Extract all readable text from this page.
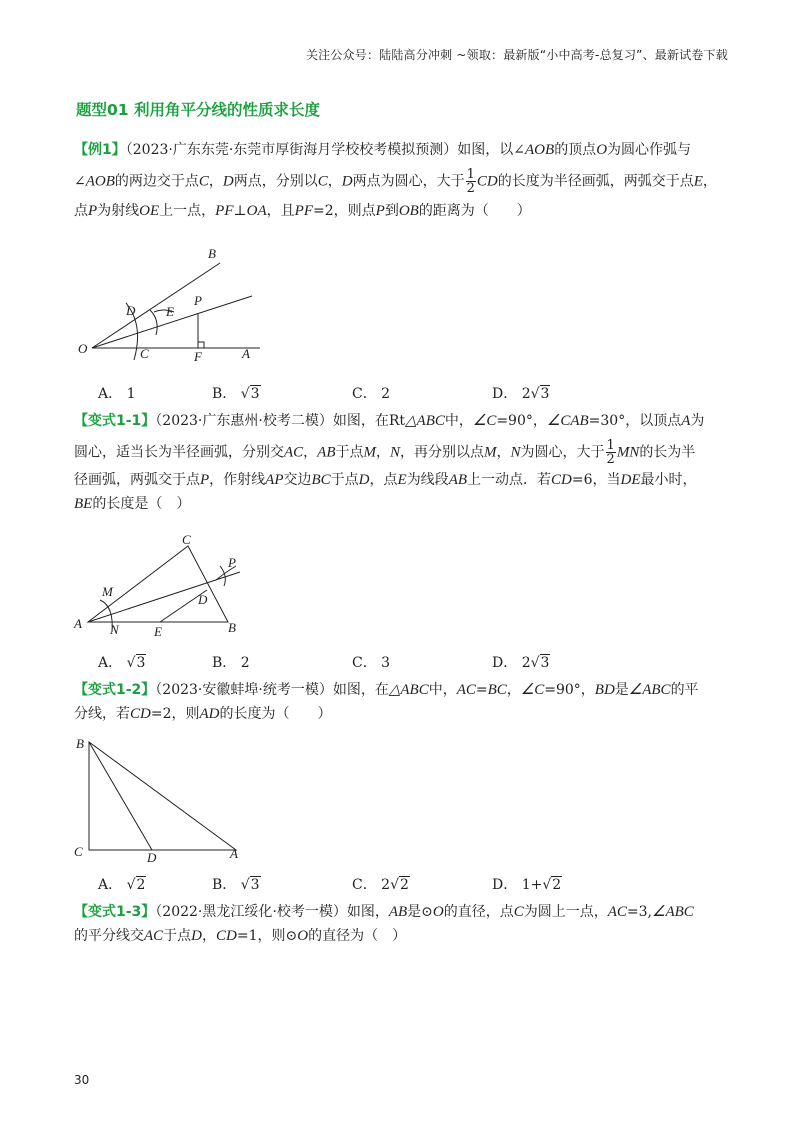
关注公众号：陆陆高分冲刺 ~领取：最新版“小中高考-总复习”、最新试卷下载
题型01 利用角平分线的性质求长度
【例1】（2023·广东东莞·东莞市厚街海月学校校考模拟预测）如图，以∠AOB的顶点O为圆心作弧与
∠AOB的两边交于点C，D两点，分别以C，D两点为圆心，大于 $\frac{1}{2}$ CD的长度为半径画弧，两弧交于点E，
点P为射线OE上一点，PF⊥OA，且PF=2，则点P到OB的距离为（　　）
B
D E
P
O	C	F	A
A． 1	B． √3	C． 2	D． 2√3
【变式1-1】（2023·广东惠州·校考二模）如图，在Rt△ABC中，∠C=90°，∠CAB=30°，以顶点A为
圆心，适当长为半径画弧，分别交AC，AB于点M，N，再分别以点M，N为圆心，大于 $\frac{1}{2}$ MN的长为半
径画弧，两弧交于点P，作射线AP交边BC于点D，点E为线段AB上一动点．若CD=6，当DE最小时，
BE的长度是（　）
C
P
M
D
A N	E	B
A． √3	B． 2	C． 3	D． 2√3
【变式1-2】（2023·安徽蚌埠·统考一模）如图，在△ABC中，AC=BC，∠C=90°，BD是∠ABC的平
分线，若CD=2，则AD的长度为（　　）
B
C	D	A
A． √2	B． √3	C． 2√2	D． 1+√2
【变式1-3】（2022·黑龙江绥化·校考一模）如图，AB是⊙O的直径，点C为圆上一点，AC=3,∠ABC
的平分线交AC于点D，CD=1，则⊙O的直径为（　）
30
